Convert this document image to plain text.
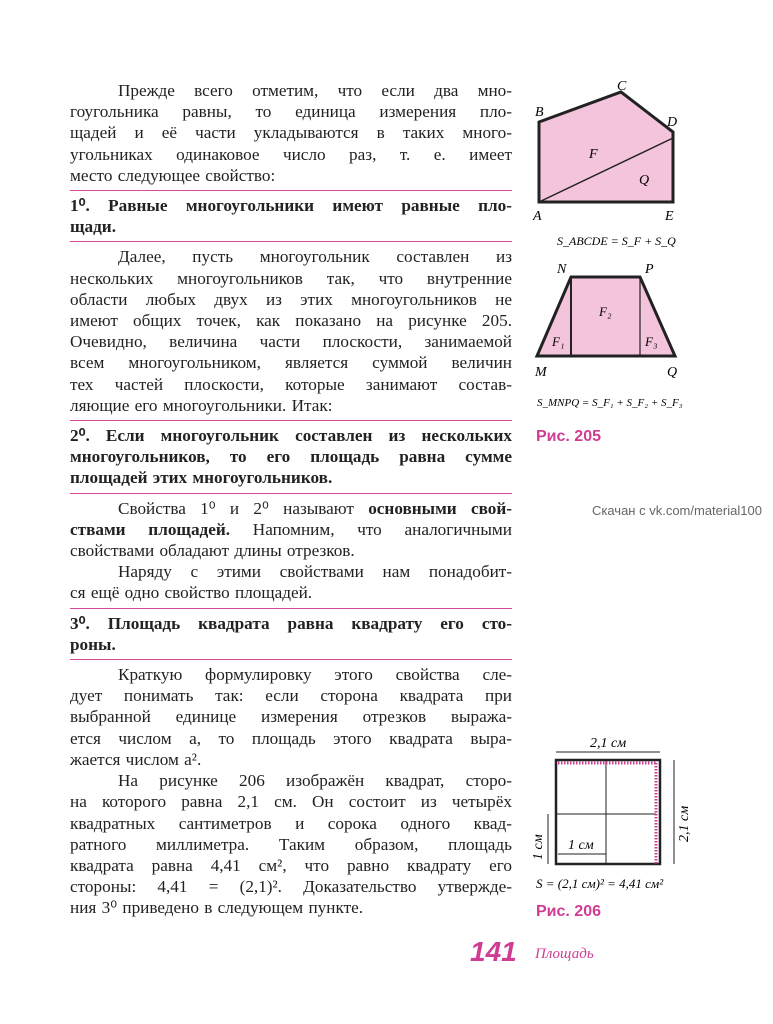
Прежде всего отметим, что если два мно-
гоугольника равны, то единица измерения пло-
щадей и её части укладываются в таких много-
угольниках одинаковое число раз, т. е. имеет
место следующее свойство:
1⁰. Равные многоугольники имеют равные пло-
щади.
Далее, пусть многоугольник составлен из
нескольких многоугольников так, что внутренние
области любых двух из этих многоугольников не
имеют общих точек, как показано на рисунке 205.
Очевидно, величина части плоскости, занимаемой
всем многоугольником, является суммой величин
тех частей плоскости, которые занимают состав-
ляющие его многоугольники. Итак:
2⁰. Если многоугольник составлен из нескольких
многоугольников, то его площадь равна сумме
площадей этих многоугольников.
Свойства 1⁰ и 2⁰ называют основными свой-
ствами площадей. Напомним, что аналогичными
свойствами обладают длины отрезков.
Наряду с этими свойствами нам понадобит-
ся ещё одно свойство площадей.
3⁰. Площадь квадрата равна квадрату его сто-
роны.
Краткую формулировку этого свойства сле-
дует понимать так: если сторона квадрата при
выбранной единице измерения отрезков выража-
ется числом a, то площадь этого квадрата выра-
жается числом a².
На рисунке 206 изображён квадрат, сторо-
на которого равна 2,1 см. Он состоит из четырёх
квадратных сантиметров и сорока одного квад-
ратного миллиметра. Таким образом, площадь
квадрата равна 4,41 см², что равно квадрату его
стороны: 4,41 = (2,1)². Доказательство утвержде-
ния 3⁰ приведено в следующем пункте.
A
B
C
D
E
F
Q
S_ABCDE = S_F + S_Q
M
N	P
Q
F₁
F₂
F₃
S_MNPQ = S_F₁ + S_F₂ + S_F₃
Рис. 205
Скачан с vk.com/material100
2,1 см
2,1 см
1 см 1 см
S = (2,1 см)² = 4,41 см²
Рис. 206
141 Площадь
